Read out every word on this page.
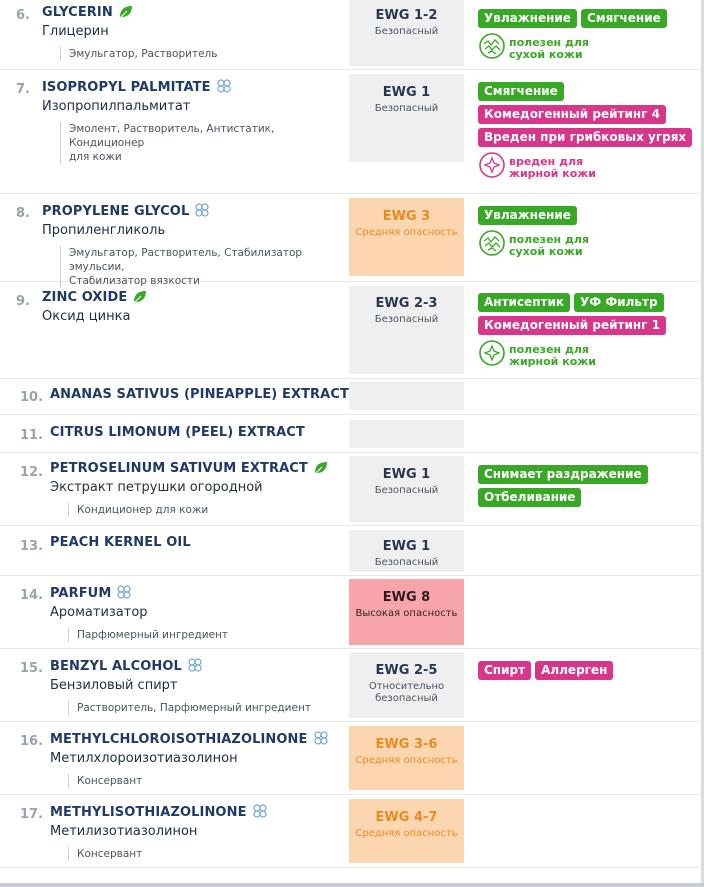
6. GLYCERIN
Глицерин
Эмульгатор, Растворитель
EWG 1-2
Безопасный
Увлажнение	Смягчение
полезен для
сухой кожи
7. ISOPROPYL PALMITATE
Изопропилпальмитат
Эмолент, Растворитель, Антистатик, Кондиционер
для кожи
EWG 1
Безопасный
Смягчение
Комедогенный рейтинг 4
Вреден при грибковых угрях
вреден для
жирной кожи
8. PROPYLENE GLYCOL
Пропиленгликоль
Эмульгатор, Растворитель, Стабилизатор эмульсии,
Стабилизатор вязкости
EWG 3
Средняя опасность
Увлажнение
полезен для
сухой кожи
9. ZINC OXIDE
Оксид цинка
EWG 2-3
Безопасный
Антисептик	УФ Фильтр
Комедогенный рейтинг 1
полезен для
жирной кожи
10. ANANAS SATIVUS (PINEAPPLE) EXTRACT
11. CITRUS LIMONUM (PEEL) EXTRACT
12. PETROSELINUM SATIVUM EXTRACT
Экстракт петрушки огородной
Кондиционер для кожи
EWG 1
Безопасный
Снимает раздражение
Отбеливание
13. PEACH KERNEL OIL	EWG 1
Безопасный
14. PARFUM
Ароматизатор
Парфюмерный ингредиент
EWG 8
Высокая опасность
15. BENZYL ALCOHOL
Бензиловый спирт
Растворитель, Парфюмерный ингредиент
EWG 2-5
Относительно
безопасный
Спирт	Аллерген
16. METHYLCHLOROISOTHIAZOLINONE
Метилхлороизотиазолинон
Консервант
EWG 3-6
Средняя опасность
17. METHYLISOTHIAZOLINONE
Метилизотиазолинон
Консервант
EWG 4-7
Средняя опасность
